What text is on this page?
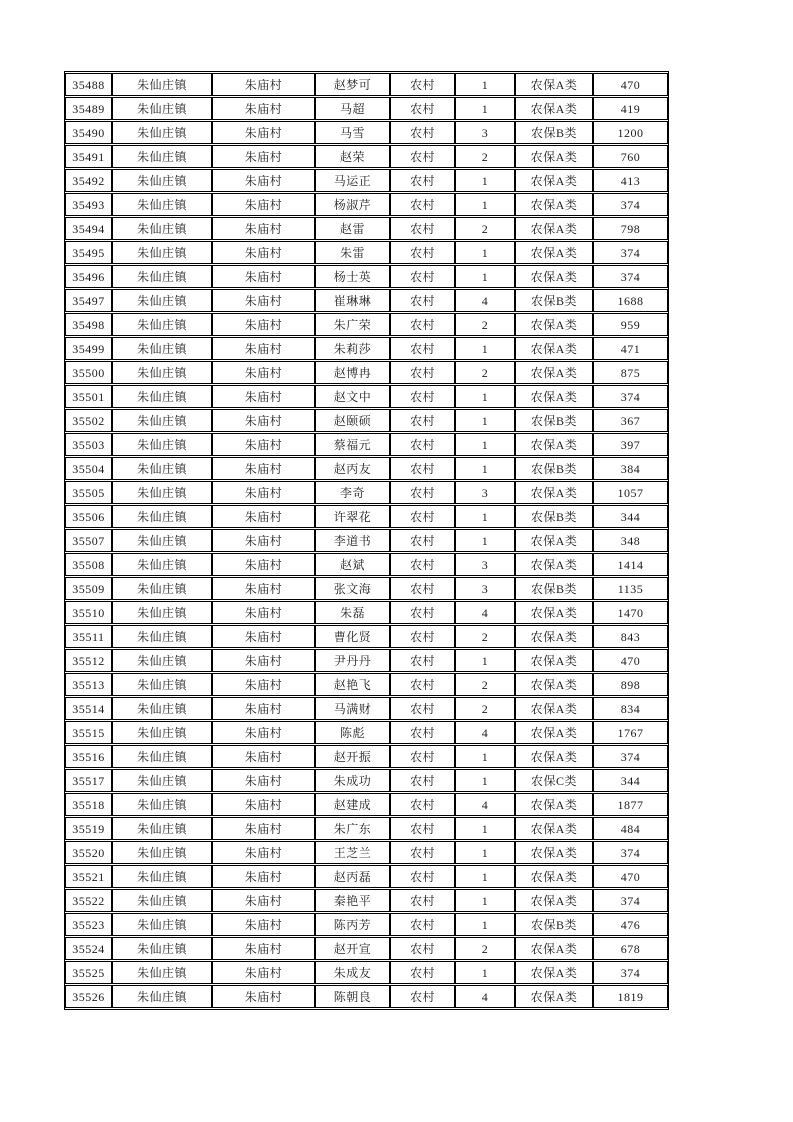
35488	朱仙庄镇	朱庙村	赵梦可	农村	1	农保A类	470
35489	朱仙庄镇	朱庙村	马超	农村	1	农保A类	419
35490	朱仙庄镇	朱庙村	马雪	农村	3	农保B类	1200
35491	朱仙庄镇	朱庙村	赵荣	农村	2	农保A类	760
35492	朱仙庄镇	朱庙村	马运正	农村	1	农保A类	413
35493	朱仙庄镇	朱庙村	杨淑芹	农村	1	农保A类	374
35494	朱仙庄镇	朱庙村	赵雷	农村	2	农保A类	798
35495	朱仙庄镇	朱庙村	朱雷	农村	1	农保A类	374
35496	朱仙庄镇	朱庙村	杨士英	农村	1	农保A类	374
35497	朱仙庄镇	朱庙村	崔琳琳	农村	4	农保B类	1688
35498	朱仙庄镇	朱庙村	朱广荣	农村	2	农保A类	959
35499	朱仙庄镇	朱庙村	朱莉莎	农村	1	农保A类	471
35500	朱仙庄镇	朱庙村	赵博冉	农村	2	农保A类	875
35501	朱仙庄镇	朱庙村	赵文中	农村	1	农保A类	374
35502	朱仙庄镇	朱庙村	赵颐硕	农村	1	农保B类	367
35503	朱仙庄镇	朱庙村	蔡福元	农村	1	农保A类	397
35504	朱仙庄镇	朱庙村	赵丙友	农村	1	农保B类	384
35505	朱仙庄镇	朱庙村	李奇	农村	3	农保A类	1057
35506	朱仙庄镇	朱庙村	许翠花	农村	1	农保B类	344
35507	朱仙庄镇	朱庙村	李道书	农村	1	农保A类	348
35508	朱仙庄镇	朱庙村	赵斌	农村	3	农保A类	1414
35509	朱仙庄镇	朱庙村	张文海	农村	3	农保B类	1135
35510	朱仙庄镇	朱庙村	朱磊	农村	4	农保A类	1470
35511	朱仙庄镇	朱庙村	曹化贤	农村	2	农保A类	843
35512	朱仙庄镇	朱庙村	尹丹丹	农村	1	农保A类	470
35513	朱仙庄镇	朱庙村	赵艳飞	农村	2	农保A类	898
35514	朱仙庄镇	朱庙村	马满财	农村	2	农保A类	834
35515	朱仙庄镇	朱庙村	陈彪	农村	4	农保A类	1767
35516	朱仙庄镇	朱庙村	赵开振	农村	1	农保A类	374
35517	朱仙庄镇	朱庙村	朱成功	农村	1	农保C类	344
35518	朱仙庄镇	朱庙村	赵建成	农村	4	农保A类	1877
35519	朱仙庄镇	朱庙村	朱广东	农村	1	农保A类	484
35520	朱仙庄镇	朱庙村	王芝兰	农村	1	农保A类	374
35521	朱仙庄镇	朱庙村	赵丙磊	农村	1	农保A类	470
35522	朱仙庄镇	朱庙村	秦艳平	农村	1	农保A类	374
35523	朱仙庄镇	朱庙村	陈丙芳	农村	1	农保B类	476
35524	朱仙庄镇	朱庙村	赵开宣	农村	2	农保A类	678
35525	朱仙庄镇	朱庙村	朱成友	农村	1	农保A类	374
35526	朱仙庄镇	朱庙村	陈朝良	农村	4	农保A类	1819
